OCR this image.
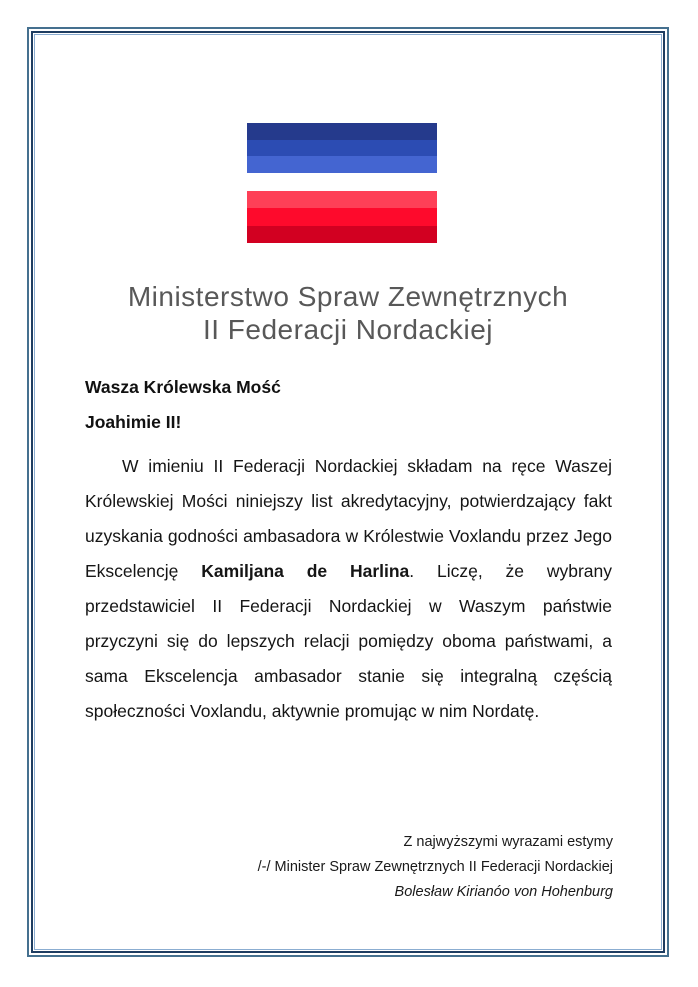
Ministerstwo Spraw Zewnętrznych
II Federacji Nordackiej
Wasza Królewska Mość
Joahimie II!

W imieniu II Federacji Nordackiej składam na ręce Waszej Królewskiej Mości niniejszy list akredytacyjny, potwierdzający fakt uzyskania godności ambasadora w Królestwie Voxlandu przez Jego Ekscelencję Kamiljana de Harlina. Liczę, że wybrany przedstawiciel II Federacji Nordackiej w Waszym państwie przyczyni się do lepszych relacji pomiędzy oboma państwami, a sama Ekscelencja ambasador stanie się integralną częścią społeczności Voxlandu, aktywnie promując w nim Nordatę.

Z najwyższymi wyrazami estymy
/-/ Minister Spraw Zewnętrznych II Federacji Nordackiej
Bolesław Kirianóo von Hohenburg
